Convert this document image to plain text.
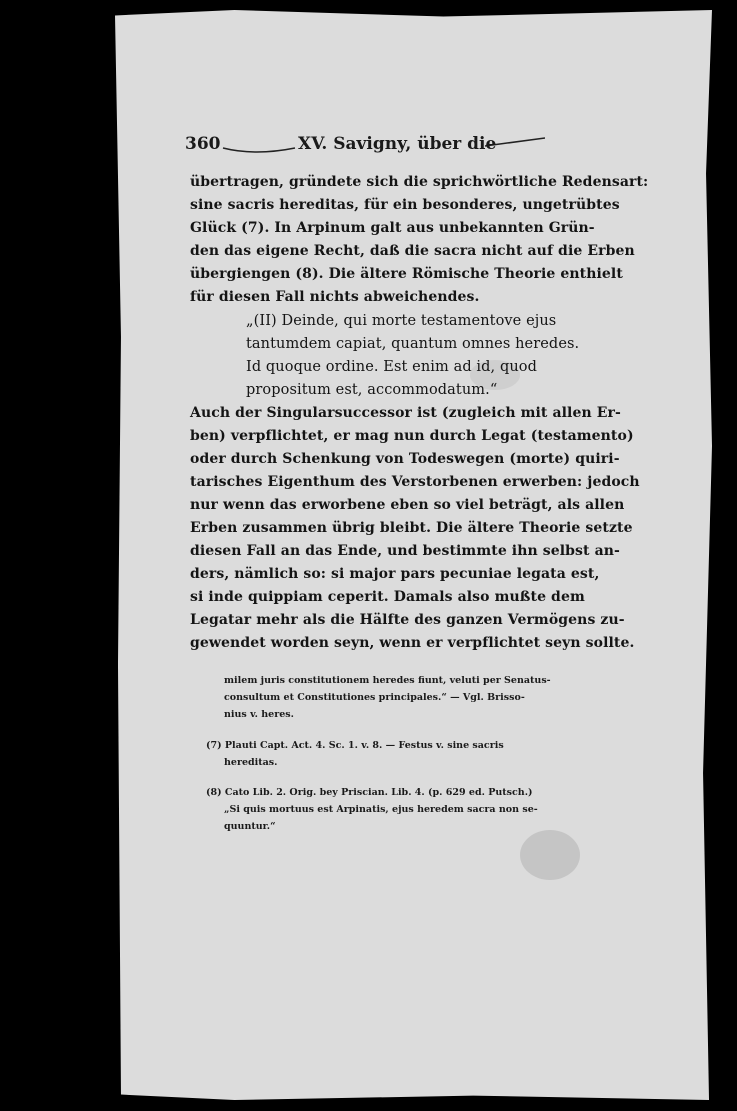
360	XV. Savigny, über die
übertragen, gründete sich die sprichwörtliche Redensart:
sine sacris hereditas, für ein besonderes, ungetrübtes
Glück (7). In Arpinum galt aus unbekannten Grün-
den das eigene Recht, daß die sacra nicht auf die Erben
übergiengen (8). Die ältere Römische Theorie enthielt
für diesen Fall nichts abweichendes.
„(II) Deinde, qui morte testamentove ejus
tantumdem capiat, quantum omnes heredes.
Id quoque ordine. Est enim ad id, quod
propositum est, accommodatum.“
Auch der Singularsuccessor ist (zugleich mit allen Er-
ben) verpflichtet, er mag nun durch Legat (testamento)
oder durch Schenkung von Todeswegen (morte) quiri-
tarisches Eigenthum des Verstorbenen erwerben: jedoch
nur wenn das erworbene eben so viel beträgt, als allen
Erben zusammen übrig bleibt. Die ältere Theorie setzte
diesen Fall an das Ende, und bestimmte ihn selbst an-
ders, nämlich so: si major pars pecuniae legata est,
si inde quippiam ceperit. Damals also mußte dem
Legatar mehr als die Hälfte des ganzen Vermögens zu-
gewendet worden seyn, wenn er verpflichtet seyn sollte.
milem juris constitutionem heredes fiunt, veluti per Senatus-
consultum et Constitutiones principales.“ — Vgl. Brisso-
nius v. heres.
(7) Plauti Capt. Act. 4. Sc. 1. v. 8. — Festus v. sine sacris
hereditas.
(8) Cato Lib. 2. Orig. bey Priscian. Lib. 4. (p. 629 ed. Putsch.)
„Si quis mortuus est Arpinatis, ejus heredem sacra non se-
quuntur.“
